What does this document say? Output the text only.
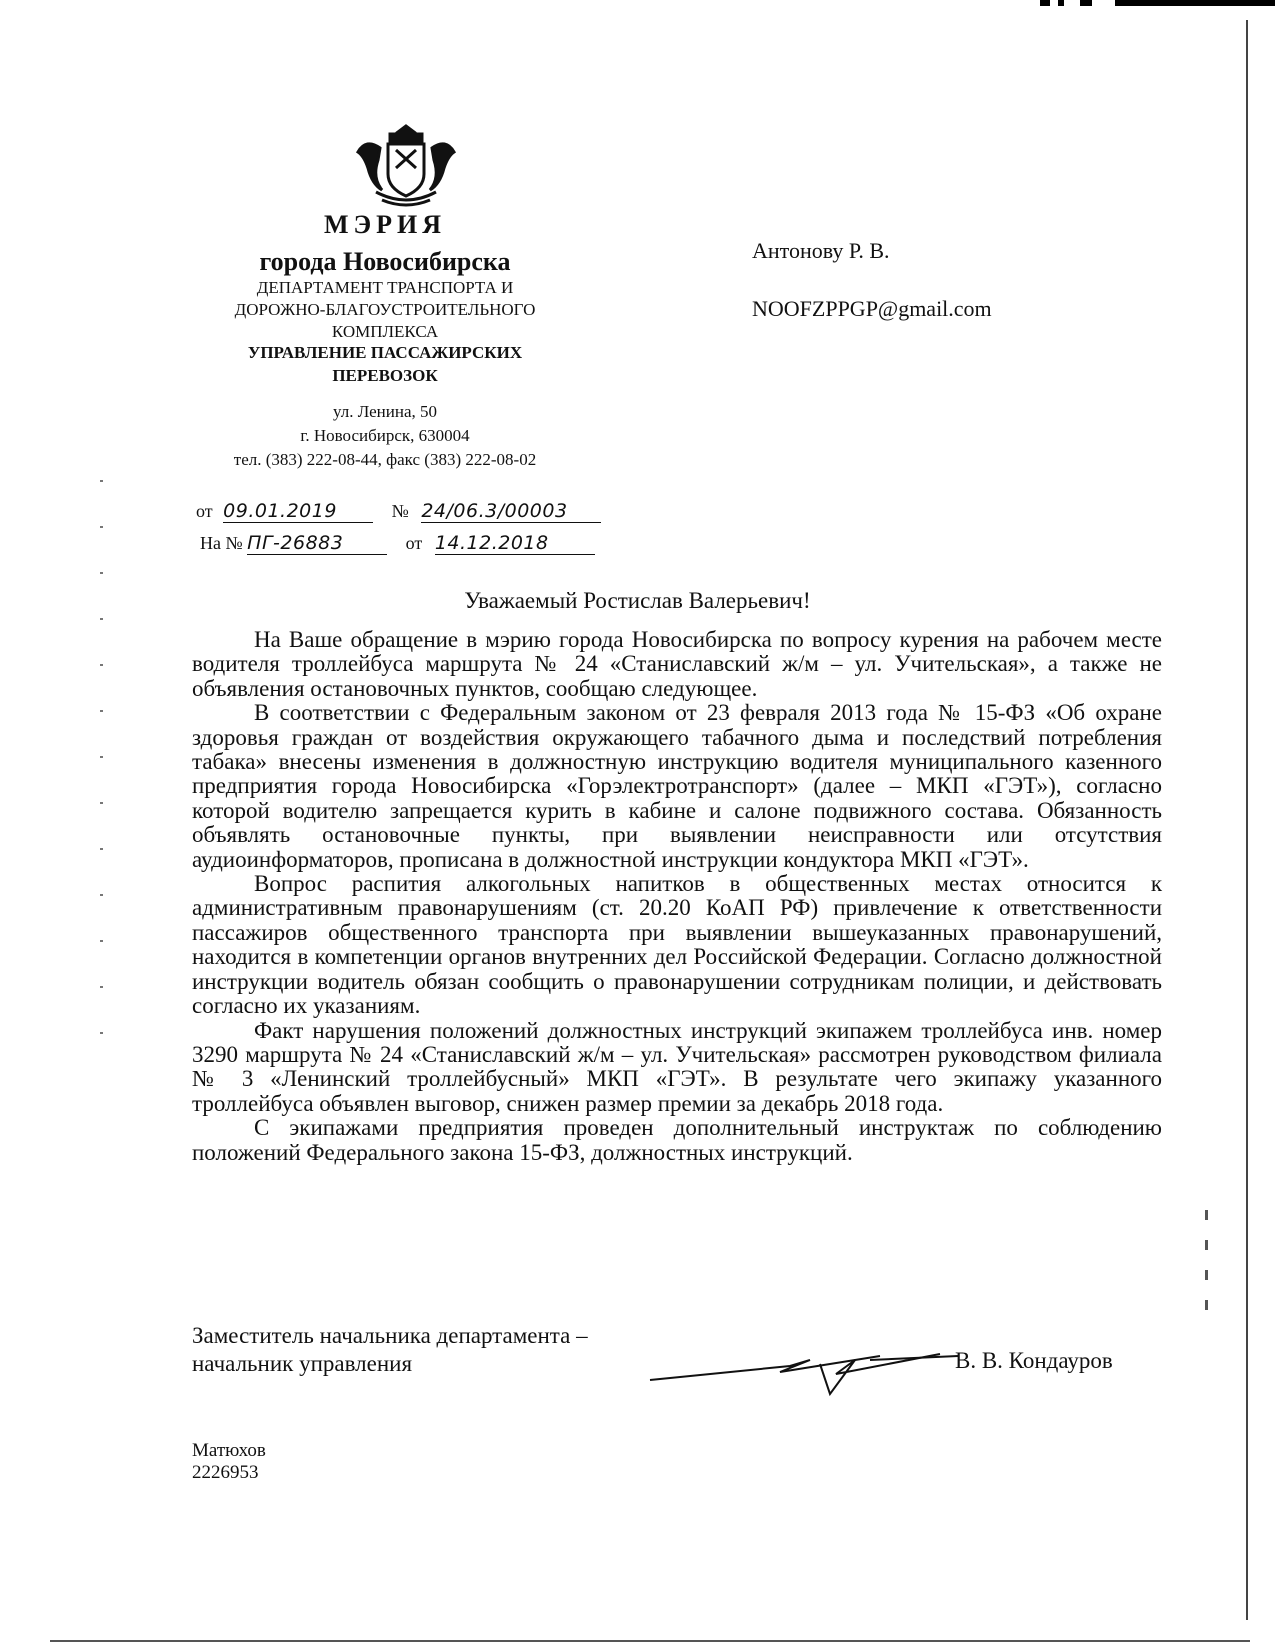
МЭРИЯ
города Новосибирска
ДЕПАРТАМЕНТ ТРАНСПОРТА И
ДОРОЖНО-БЛАГОУСТРОИТЕЛЬНОГО
КОМПЛЕКСА
УПРАВЛЕНИЕ ПАССАЖИРСКИХ
ПЕРЕВОЗОК
ул. Ленина, 50
г. Новосибирск, 630004
тел. (383) 222-08-44, факс (383) 222-08-02
от 09.01.2019	№ 24/06.3/00003
На № ПГ-26883	от 14.12.2018
Антонову Р. В.
NOOFZPPGP@gmail.com
Уважаемый Ростислав Валерьевич!

На Ваше обращение в мэрию города Новосибирска по вопросу курения на рабочем месте водителя троллейбуса маршрута № 24 «Станиславский ж/м – ул. Учительская», а также не объявления остановочных пунктов, сообщаю следующее.

В соответствии с Федеральным законом от 23 февраля 2013 года № 15-ФЗ «Об охране здоровья граждан от воздействия окружающего табачного дыма и последствий потребления табака» внесены изменения в должностную инструкцию водителя муниципального казенного предприятия города Новосибирска «Горэлектротранспорт» (далее – МКП «ГЭТ»), согласно которой водителю запрещается курить в кабине и салоне подвижного состава. Обязанность объявлять остановочные пункты, при выявлении неисправности или отсутствия аудиоинформаторов, прописана в должностной инструкции кондуктора МКП «ГЭТ».

Вопрос распития алкогольных напитков в общественных местах относится к административным правонарушениям (ст. 20.20 КоАП РФ) привлечение к ответственности пассажиров общественного транспорта при выявлении вышеуказанных правонарушений, находится в компетенции органов внутренних дел Российской Федерации. Согласно должностной инструкции водитель обязан сообщить о правонарушении сотрудникам полиции, и действовать согласно их указаниям.

Факт нарушения положений должностных инструкций экипажем троллейбуса инв. номер 3290 маршрута № 24 «Станиславский ж/м – ул. Учительская» рассмотрен руководством филиала № 3 «Ленинский троллейбусный» МКП «ГЭТ». В результате чего экипажу указанного троллейбуса объявлен выговор, снижен размер премии за декабрь 2018 года.

С экипажами предприятия проведен дополнительный инструктаж по соблюдению положений Федерального закона 15-ФЗ, должностных инструкций.

Заместитель начальника департамента –
начальник управления	В. В. Кондауров
Матюхов
2226953
